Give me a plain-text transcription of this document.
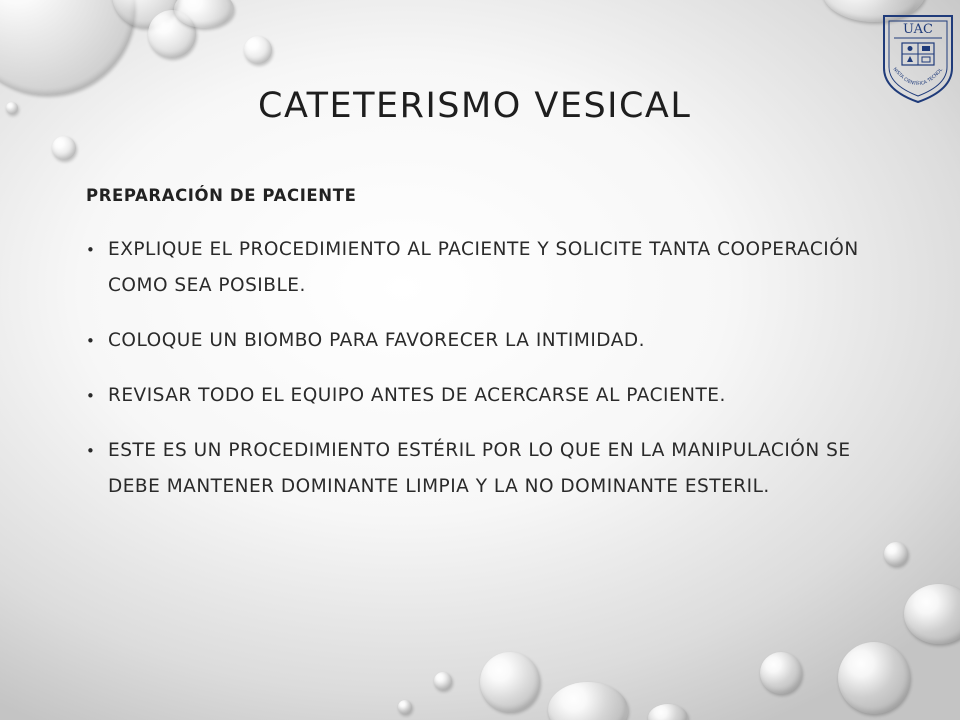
UAC
NISTA CIENTÍFICA TECNOL
CATETERISMO VESICAL
PREPARACIÓN DE PACIENTE
• EXPLIQUE EL PROCEDIMIENTO AL PACIENTE Y SOLICITE TANTA COOPERACIÓN COMO SEA POSIBLE.
• COLOQUE UN BIOMBO PARA FAVORECER LA INTIMIDAD.
• REVISAR TODO EL EQUIPO ANTES DE ACERCARSE AL PACIENTE.
• ESTE ES UN PROCEDIMIENTO ESTÉRIL POR LO QUE EN LA MANIPULACIÓN SE DEBE MANTENER DOMINANTE LIMPIA Y LA NO DOMINANTE ESTERIL.
